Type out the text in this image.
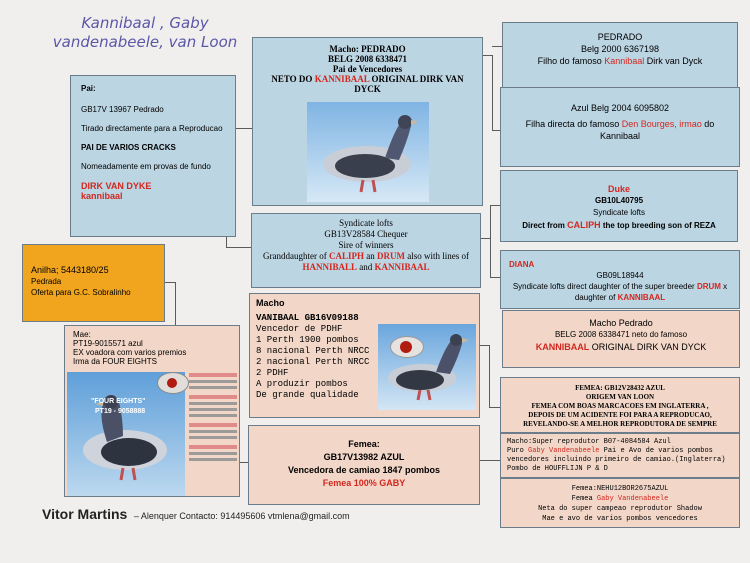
Kannibaal , Gaby vandenabeele, van Loon

Pai:

GB17V 13967 Pedrado

Tirado directamente para a Reproducao

PAI DE VARIOS CRACKS

Nomeadamente em provas de fundo

DIRK VAN DYKE

kannibaal

Anilha; 5443180/25

Pedrada

Oferta para G.C. Sobralinho

Mae:

PT19-9015571 azul

EX voadora com varios premios

Irma da FOUR EIGHTS

"FOUR EIGHTS"
PT19 - 9058888

Macho: PEDRADO

BELG 2008 6338471

Pai de Vencedores

NETO DO KANNIBAAL ORIGINAL DIRK VAN DYCK

Syndicate lofts

GB13V28584 Chequer

Sire of winners

Granddaughter of CALIPH an DRUM also with lines of HANNIBALL and KANNIBAAL

Macho

VANIBAAL GB16V09188

Vencedor de PDHF

1 Perth 1900 pombos

8 nacional Perth NRCC

2 nacional Perth NRCC

2 PDHF

A produzir pombos

De grande qualidade

Femea:

GB17V13982 AZUL

Vencedora de camiao 1847 pombos

Femea 100% GABY

PEDRADO

Belg 2000 6367198

Filho do famoso Kannibaal Dirk van Dyck

Azul Belg 2004 6095802

Filha directa do famoso Den Bourges, irmao do Kannibaal

Duke

GB10L40795

Syndicate lofts

Direct from CALIPH the top breeding son of REZA

DIANA

GB09L18944

Syndicate lofts direct daughter of the super breeder DRUM x daughter of KANNIBAAL

Macho Pedrado

BELG 2008 6338471 neto do famoso

KANNIBAAL ORIGINAL DIRK VAN DYCK

FEMEA: GB12V28432 AZUL

ORIGEM VAN LOON

FEMEA COM BOAS MARCACOES EM INGLATERRA ,

DEPOIS DE UM ACIDENTE FOI PARA A REPRODUCAO,

REVELANDO-SE A MELHOR REPRODUTORA DE SEMPRE

Macho:Super reprodutor B07-4084584 Azul

Puro Gaby Vandenabeele Pai e Avo de varios pombos

vencedores incluindo primeiro de camiao.(Inglaterra)

Pombo de HOUFFLIJN P & D

Femea:NEHU12BOR2675AZUL

Femea Gaby Vandenabeele

Neta do super campeao reprodutor Shadow

Mae e avo de varios pombos vencedores

Vitor Martins – Alenquer Contacto: 914495606 vtmlena@gmail.com
